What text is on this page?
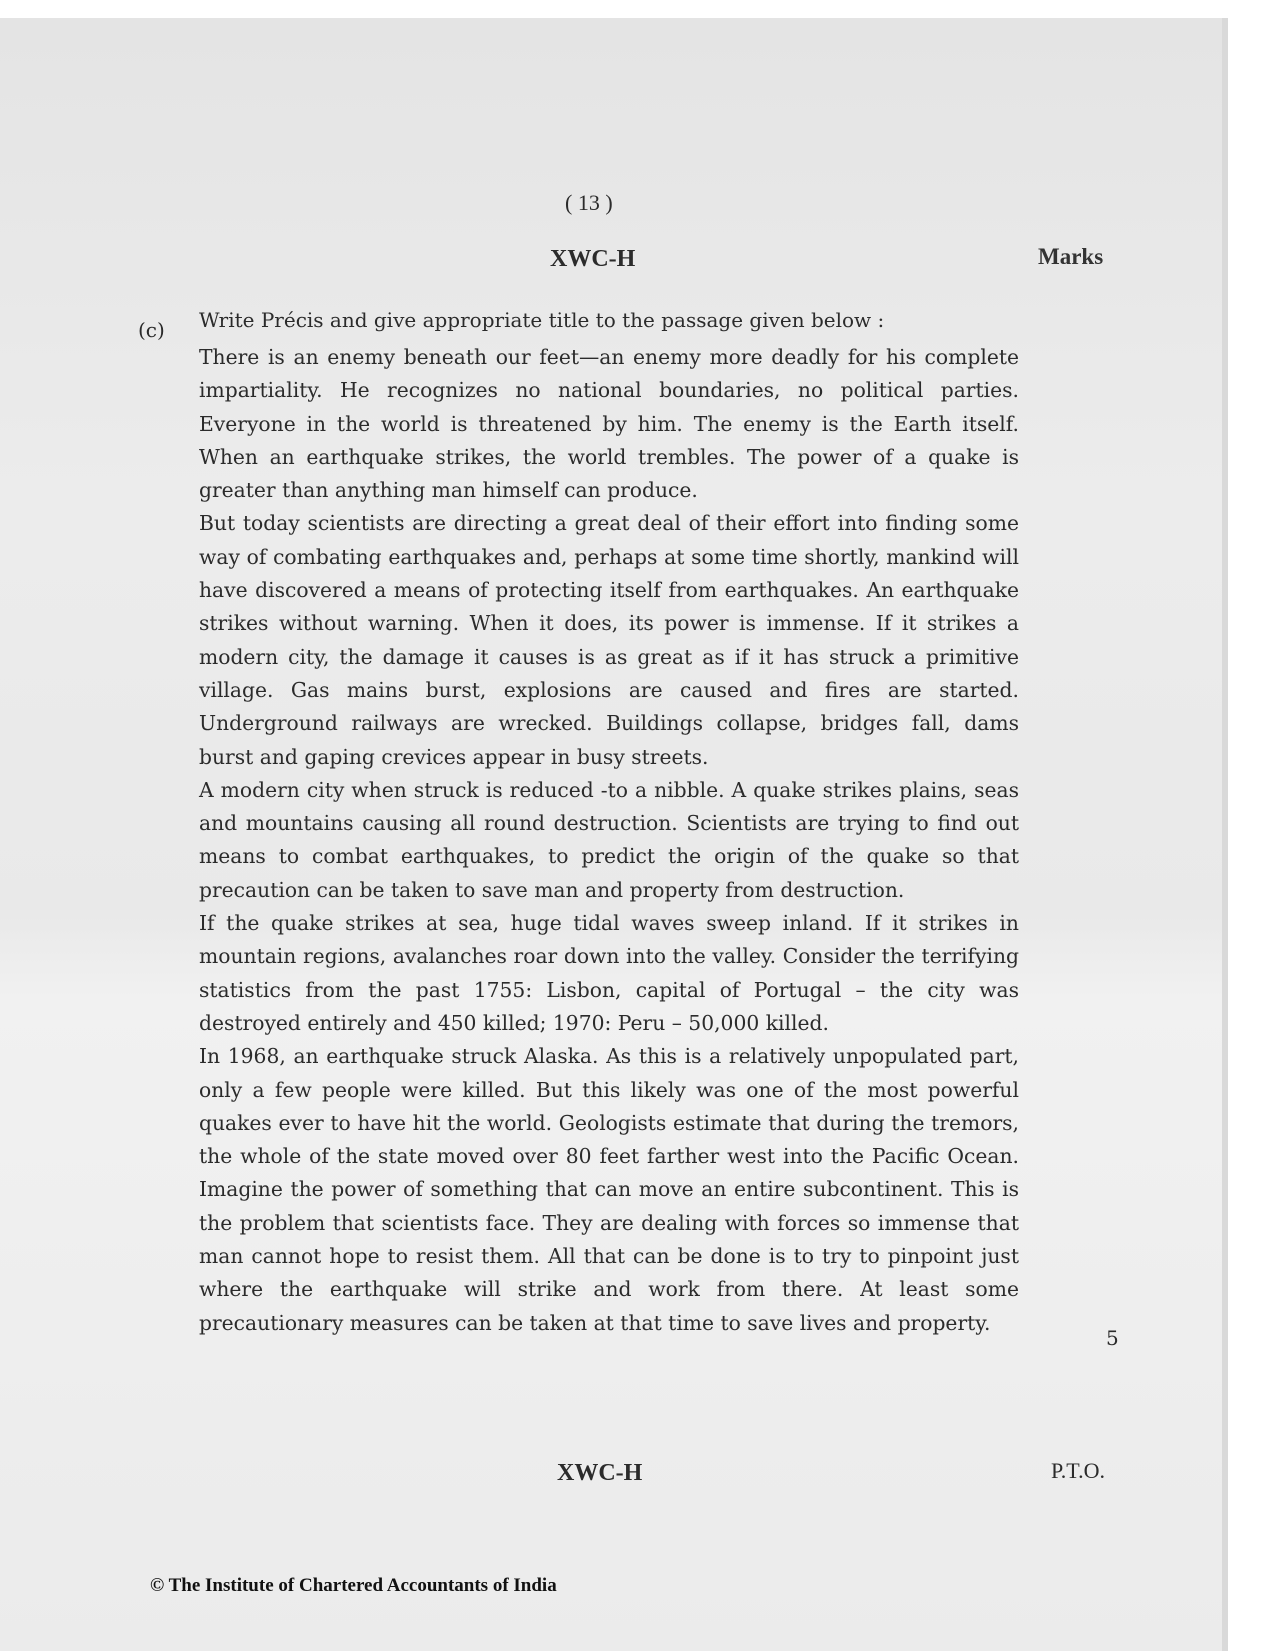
( 13 )
XWC-H	Marks
(c) Write Précis and give appropriate title to the passage given below :

There is an enemy beneath our feet—an enemy more deadly for his complete impartiality. He recognizes no national boundaries, no political parties. Everyone in the world is threatened by him. The enemy is the Earth itself. When an earthquake strikes, the world trembles. The power of a quake is greater than anything man himself can produce.

But today scientists are directing a great deal of their effort into finding some way of combating earthquakes and, perhaps at some time shortly, mankind will have discovered a means of protecting itself from earthquakes. An earthquake strikes without warning. When it does, its power is immense. If it strikes a modern city, the damage it causes is as great as if it has struck a primitive village. Gas mains burst, explosions are caused and fires are started. Underground railways are wrecked. Buildings collapse, bridges fall, dams burst and gaping crevices appear in busy streets.

A modern city when struck is reduced -to a nibble. A quake strikes plains, seas and mountains causing all round destruction. Scientists are trying to find out means to combat earthquakes, to predict the origin of the quake so that precaution can be taken to save man and property from destruction.

If the quake strikes at sea, huge tidal waves sweep inland. If it strikes in mountain regions, avalanches roar down into the valley. Consider the terrifying statistics from the past 1755: Lisbon, capital of Portugal – the city was destroyed entirely and 450 killed; 1970: Peru – 50,000 killed.

In 1968, an earthquake struck Alaska. As this is a relatively unpopulated part, only a few people were killed. But this likely was one of the most powerful quakes ever to have hit the world. Geologists estimate that during the tremors, the whole of the state moved over 80 feet farther west into the Pacific Ocean. Imagine the power of something that can move an entire subcontinent. This is the problem that scientists face. They are dealing with forces so immense that man cannot hope to resist them. All that can be done is to try to pinpoint just where the earthquake will strike and work from there. At least some precautionary measures can be taken at that time to save lives and property.

5
XWC-H	P.T.O.
© The Institute of Chartered Accountants of India
